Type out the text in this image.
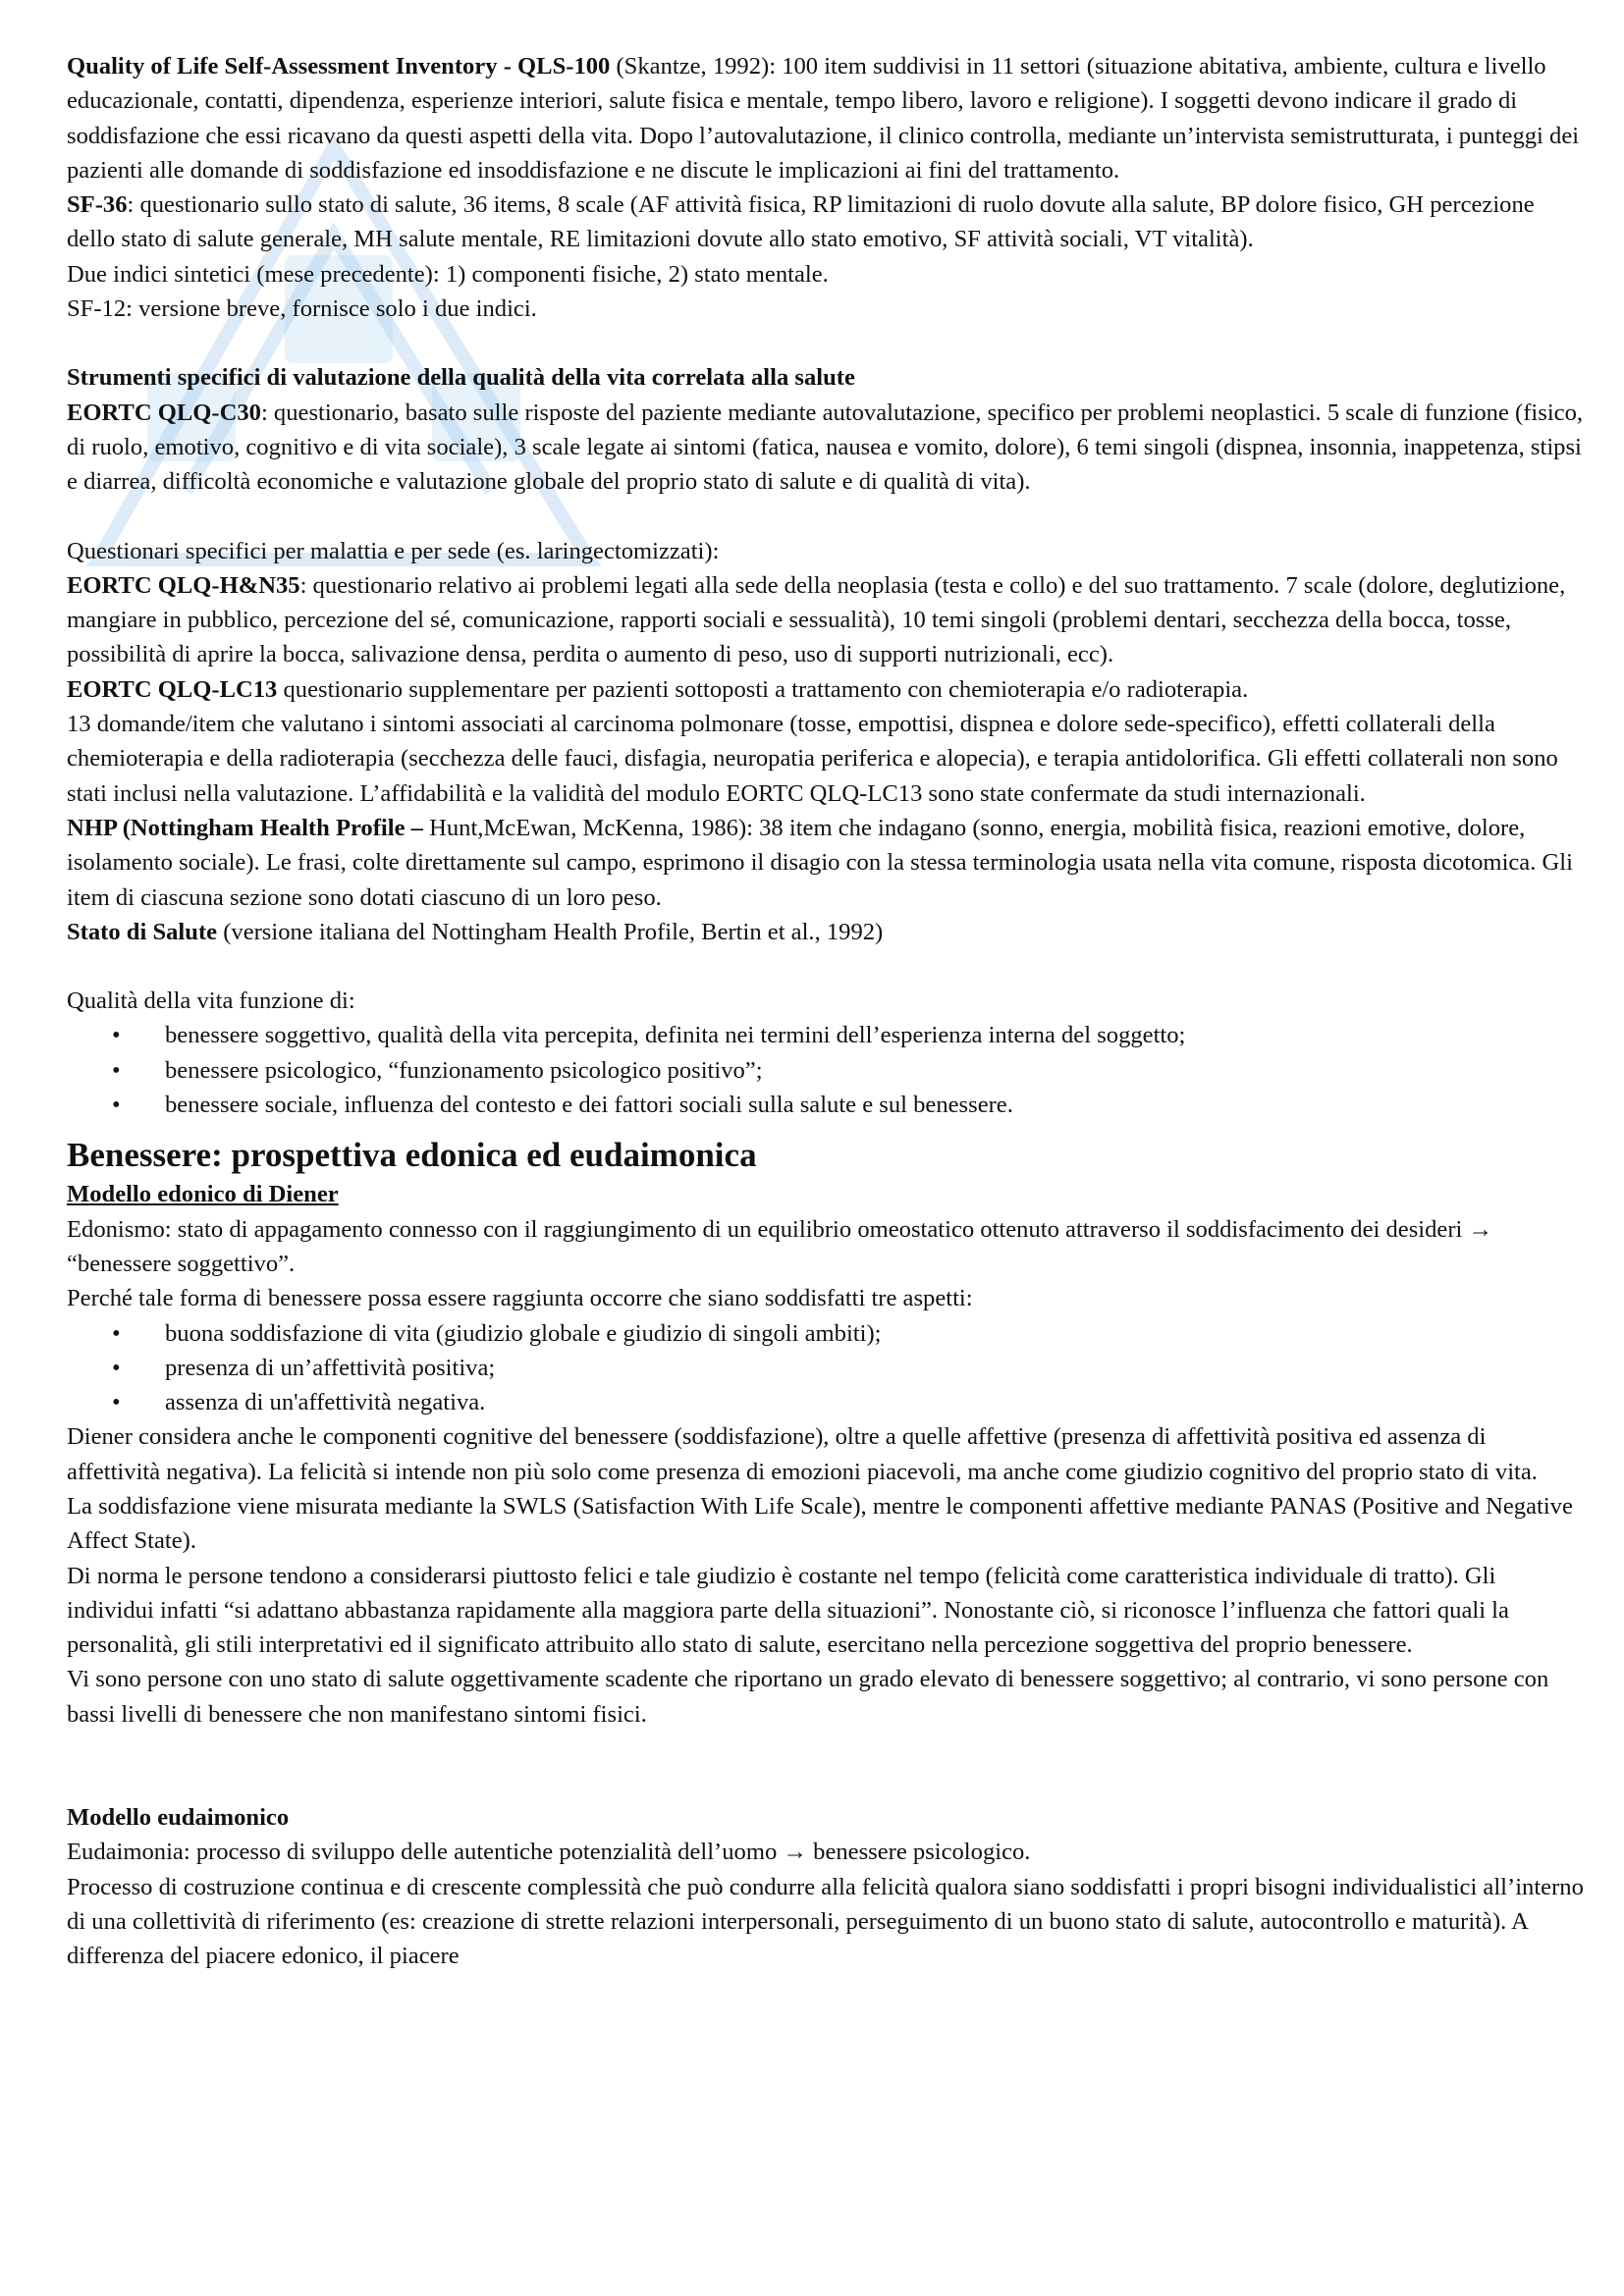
Quality of Life Self-Assessment Inventory - QLS-100 (Skantze, 1992): 100 item suddivisi in 11 settori (situazione abitativa, ambiente, cultura e livello educazionale, contatti, dipendenza, esperienze interiori, salute fisica e mentale, tempo libero, lavoro e religione). I soggetti devono indicare il grado di soddisfazione che essi ricavano da questi aspetti della vita. Dopo l’autovalutazione, il clinico controlla, mediante un’intervista semistrutturata, i punteggi dei pazienti alle domande di soddisfazione ed insoddisfazione e ne discute le implicazioni ai fini del trattamento.

SF-36: questionario sullo stato di salute, 36 items, 8 scale (AF attività fisica, RP limitazioni di ruolo dovute alla salute, BP dolore fisico, GH percezione dello stato di salute generale, MH salute mentale, RE limitazioni dovute allo stato emotivo, SF attività sociali, VT vitalità).

Due indici sintetici (mese precedente): 1) componenti fisiche, 2) stato mentale.

SF-12: versione breve, fornisce solo i due indici.

Strumenti specifici di valutazione della qualità della vita correlata alla salute

EORTC QLQ-C30: questionario, basato sulle risposte del paziente mediante autovalutazione, specifico per problemi neoplastici. 5 scale di funzione (fisico, di ruolo, emotivo, cognitivo e di vita sociale), 3 scale legate ai sintomi (fatica, nausea e vomito, dolore), 6 temi singoli (dispnea, insonnia, inappetenza, stipsi e diarrea, difficoltà economiche e valutazione globale del proprio stato di salute e di qualità di vita).

Questionari specifici per malattia e per sede (es. laringectomizzati):

EORTC QLQ-H&N35: questionario relativo ai problemi legati alla sede della neoplasia (testa e collo) e del suo trattamento. 7 scale (dolore, deglutizione, mangiare in pubblico, percezione del sé, comunicazione, rapporti sociali e sessualità), 10 temi singoli (problemi dentari, secchezza della bocca, tosse, possibilità di aprire la bocca, salivazione densa, perdita o aumento di peso, uso di supporti nutrizionali, ecc).

EORTC QLQ-LC13 questionario supplementare per pazienti sottoposti a trattamento con chemioterapia e/o radioterapia.

13 domande/item che valutano i sintomi associati al carcinoma polmonare (tosse, empottisi, dispnea e dolore sede-specifico), effetti collaterali della chemioterapia e della radioterapia (secchezza delle fauci, disfagia, neuropatia periferica e alopecia), e terapia antidolorifica. Gli effetti collaterali non sono stati inclusi nella valutazione. L’affidabilità e la validità del modulo EORTC QLQ-LC13 sono state confermate da studi internazionali.

NHP (Nottingham Health Profile – Hunt,McEwan, McKenna, 1986): 38 item che indagano (sonno, energia, mobilità fisica, reazioni emotive, dolore, isolamento sociale). Le frasi, colte direttamente sul campo, esprimono il disagio con la stessa terminologia usata nella vita comune, risposta dicotomica. Gli item di ciascuna sezione sono dotati ciascuno di un loro peso.

Stato di Salute (versione italiana del Nottingham Health Profile, Bertin et al., 1992)

Qualità della vita funzione di:

• benessere soggettivo, qualità della vita percepita, definita nei termini dell’esperienza interna del soggetto;
• benessere psicologico, “funzionamento psicologico positivo”;
• benessere sociale, influenza del contesto e dei fattori sociali sulla salute e sul benessere.
Benessere: prospettiva edonica ed eudaimonica

Modello edonico di Diener

Edonismo: stato di appagamento connesso con il raggiungimento di un equilibrio omeostatico ottenuto attraverso il soddisfacimento dei desideri → “benessere soggettivo”.

Perché tale forma di benessere possa essere raggiunta occorre che siano soddisfatti tre aspetti:

• buona soddisfazione di vita (giudizio globale e giudizio di singoli ambiti);
• presenza di un’affettività positiva;
• assenza di un'affettività negativa.

Diener considera anche le componenti cognitive del benessere (soddisfazione), oltre a quelle affettive (presenza di affettività positiva ed assenza di affettività negativa). La felicità si intende non più solo come presenza di emozioni piacevoli, ma anche come giudizio cognitivo del proprio stato di vita.

La soddisfazione viene misurata mediante la SWLS (Satisfaction With Life Scale), mentre le componenti affettive mediante PANAS (Positive and Negative Affect State).

Di norma le persone tendono a considerarsi piuttosto felici e tale giudizio è costante nel tempo (felicità come caratteristica individuale di tratto). Gli individui infatti “si adattano abbastanza rapidamente alla maggiora parte della situazioni”. Nonostante ciò, si riconosce l’influenza che fattori quali la personalità, gli stili interpretativi ed il significato attribuito allo stato di salute, esercitano nella percezione soggettiva del proprio benessere.

Vi sono persone con uno stato di salute oggettivamente scadente che riportano un grado elevato di benessere soggettivo; al contrario, vi sono persone con bassi livelli di benessere che non manifestano sintomi fisici.

Modello eudaimonico

Eudaimonia: processo di sviluppo delle autentiche potenzialità dell’uomo → benessere psicologico.

Processo di costruzione continua e di crescente complessità che può condurre alla felicità qualora siano soddisfatti i propri bisogni individualistici all’interno di una collettività di riferimento (es: creazione di strette relazioni interpersonali, perseguimento di un buono stato di salute, autocontrollo e maturità). A differenza del piacere edonico, il piacere
